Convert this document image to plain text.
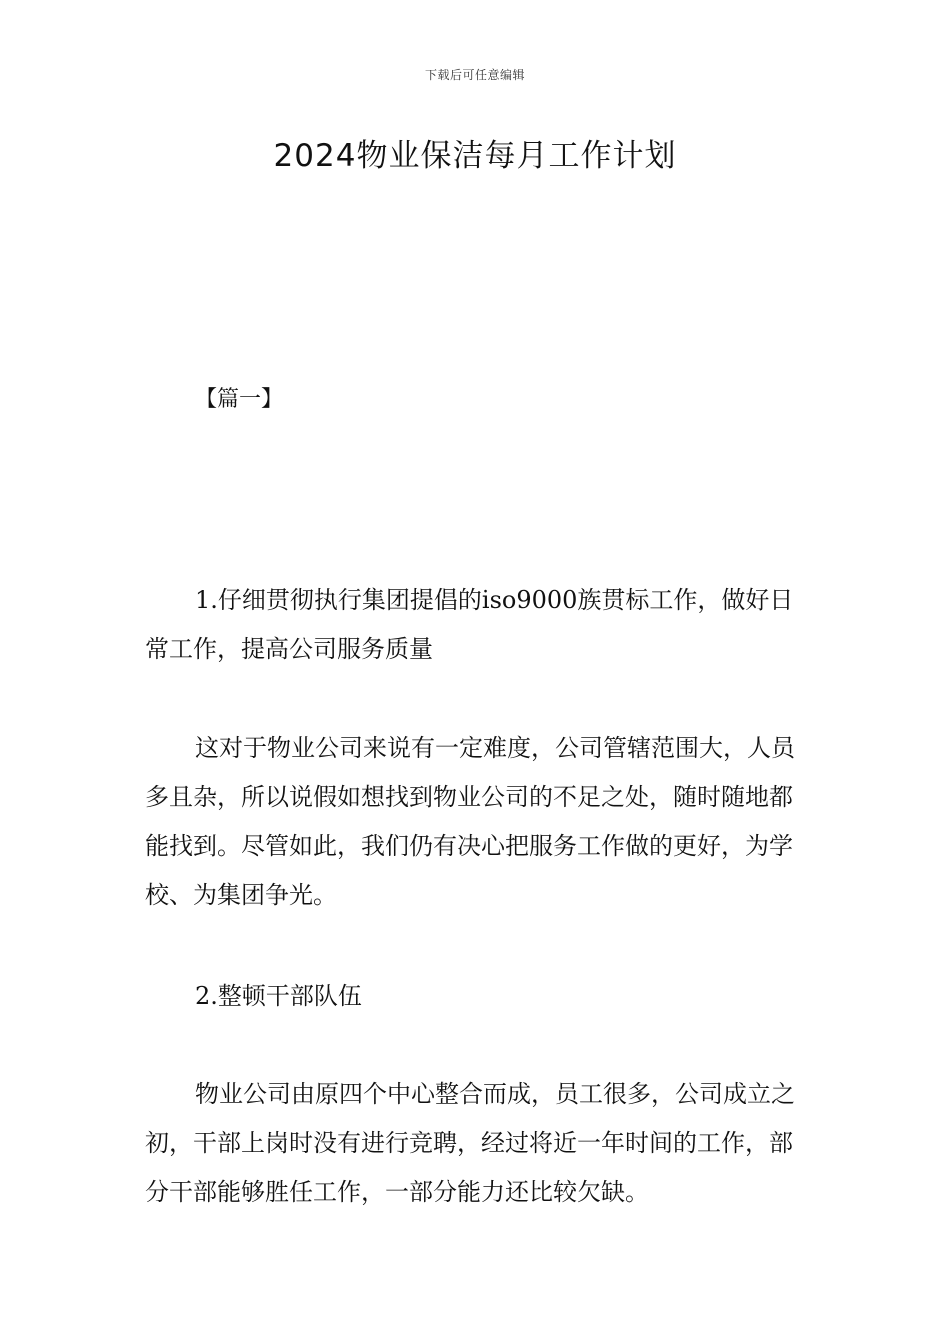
下载后可任意编辑
2024物业保洁每月工作计划
【篇一】

1.仔细贯彻执行集团提倡的iso9000族贯标工作，做好日常工作，提高公司服务质量

这对于物业公司来说有一定难度，公司管辖范围大，人员多且杂，所以说假如想找到物业公司的不足之处，随时随地都能找到。尽管如此，我们仍有决心把服务工作做的更好，为学校、为集团争光。

2.整顿干部队伍

物业公司由原四个中心整合而成，员工很多，公司成立之初，干部上岗时没有进行竞聘，经过将近一年时间的工作，部分干部能够胜任工作，一部分能力还比较欠缺。
